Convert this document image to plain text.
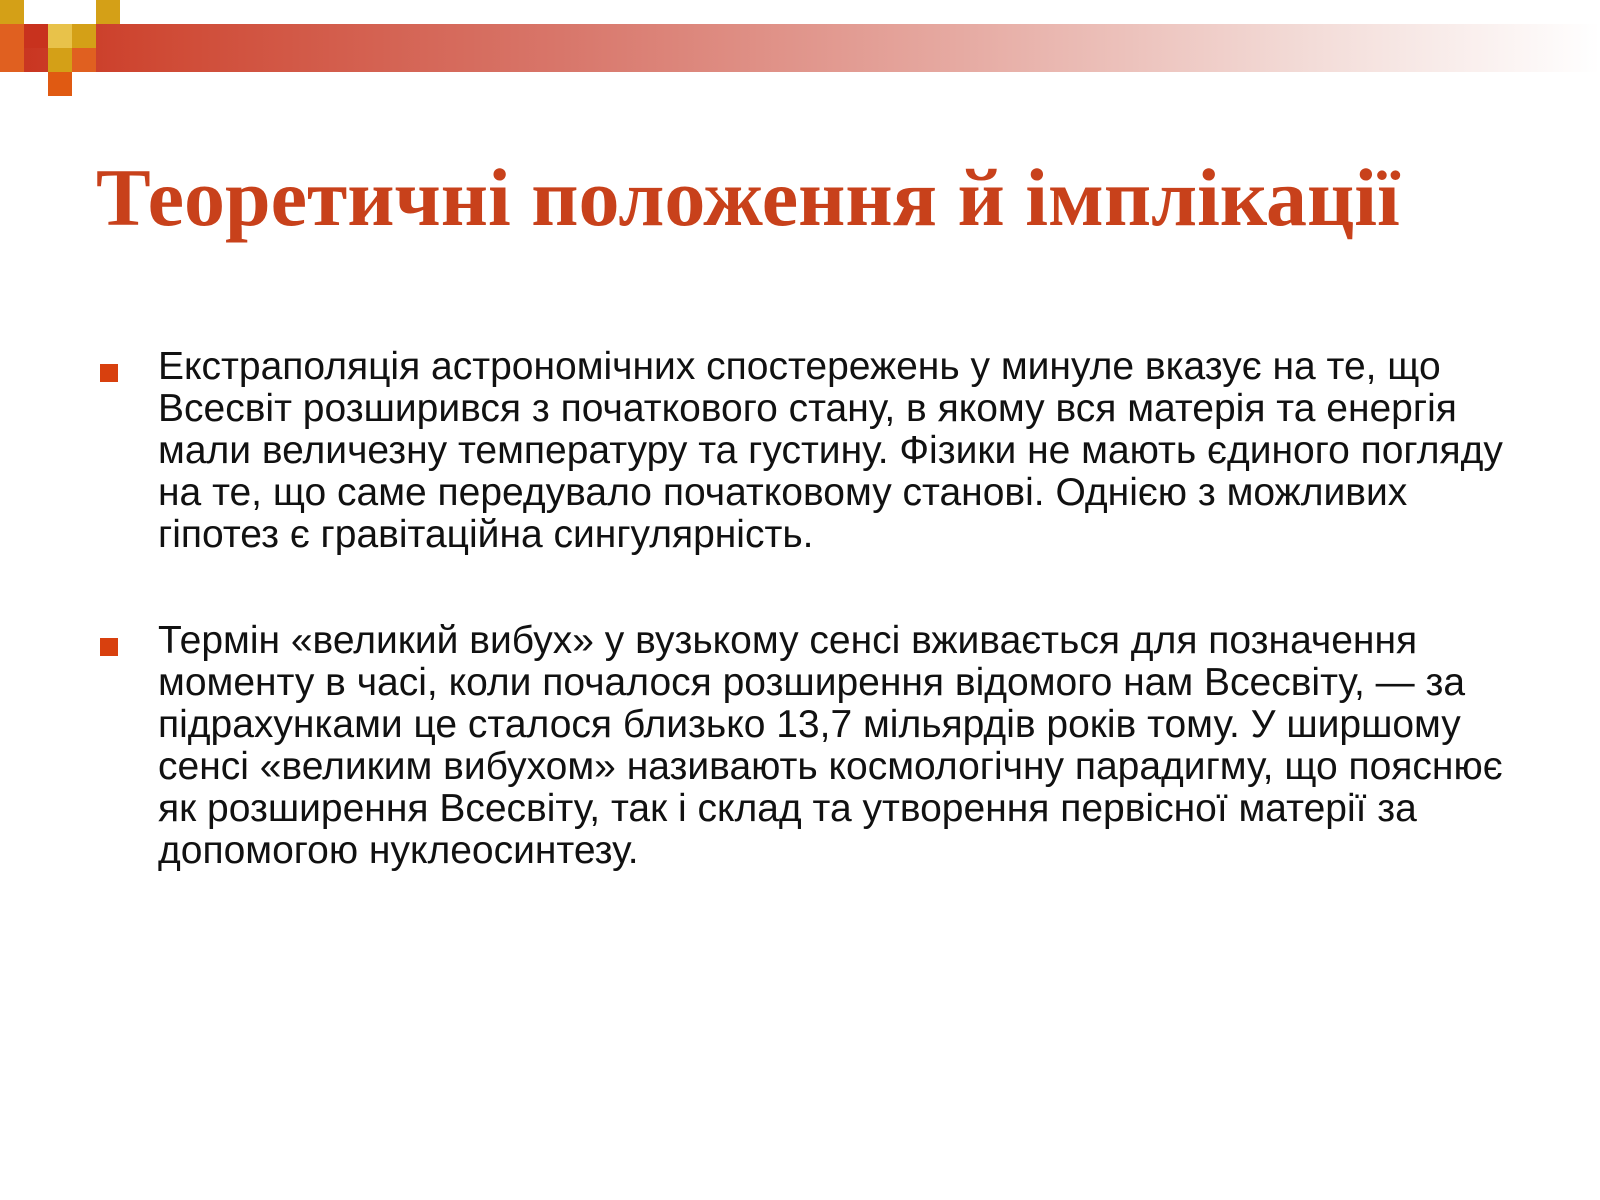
Теоретичні положення й імплікації

Екстраполяція астрономічних спостережень у минуле вказує на те, що Всесвіт розширився з початкового стану, в якому вся матерія та енергія мали величезну температуру та густину. Фізики не мають єдиного погляду на те, що саме передувало початковому станові. Однією з можливих гіпотез є гравітаційна сингулярність.

Термін «великий вибух» у вузькому сенсі вживається для позначення моменту в часі, коли почалося розширення відомого нам Всесвіту, — за підрахунками це сталося близько 13,7 мільярдів років тому. У ширшому сенсі «великим вибухом» називають космологічну парадигму, що пояснює як розширення Всесвіту, так і склад та утворення первісної матерії за допомогою нуклеосинтезу.
